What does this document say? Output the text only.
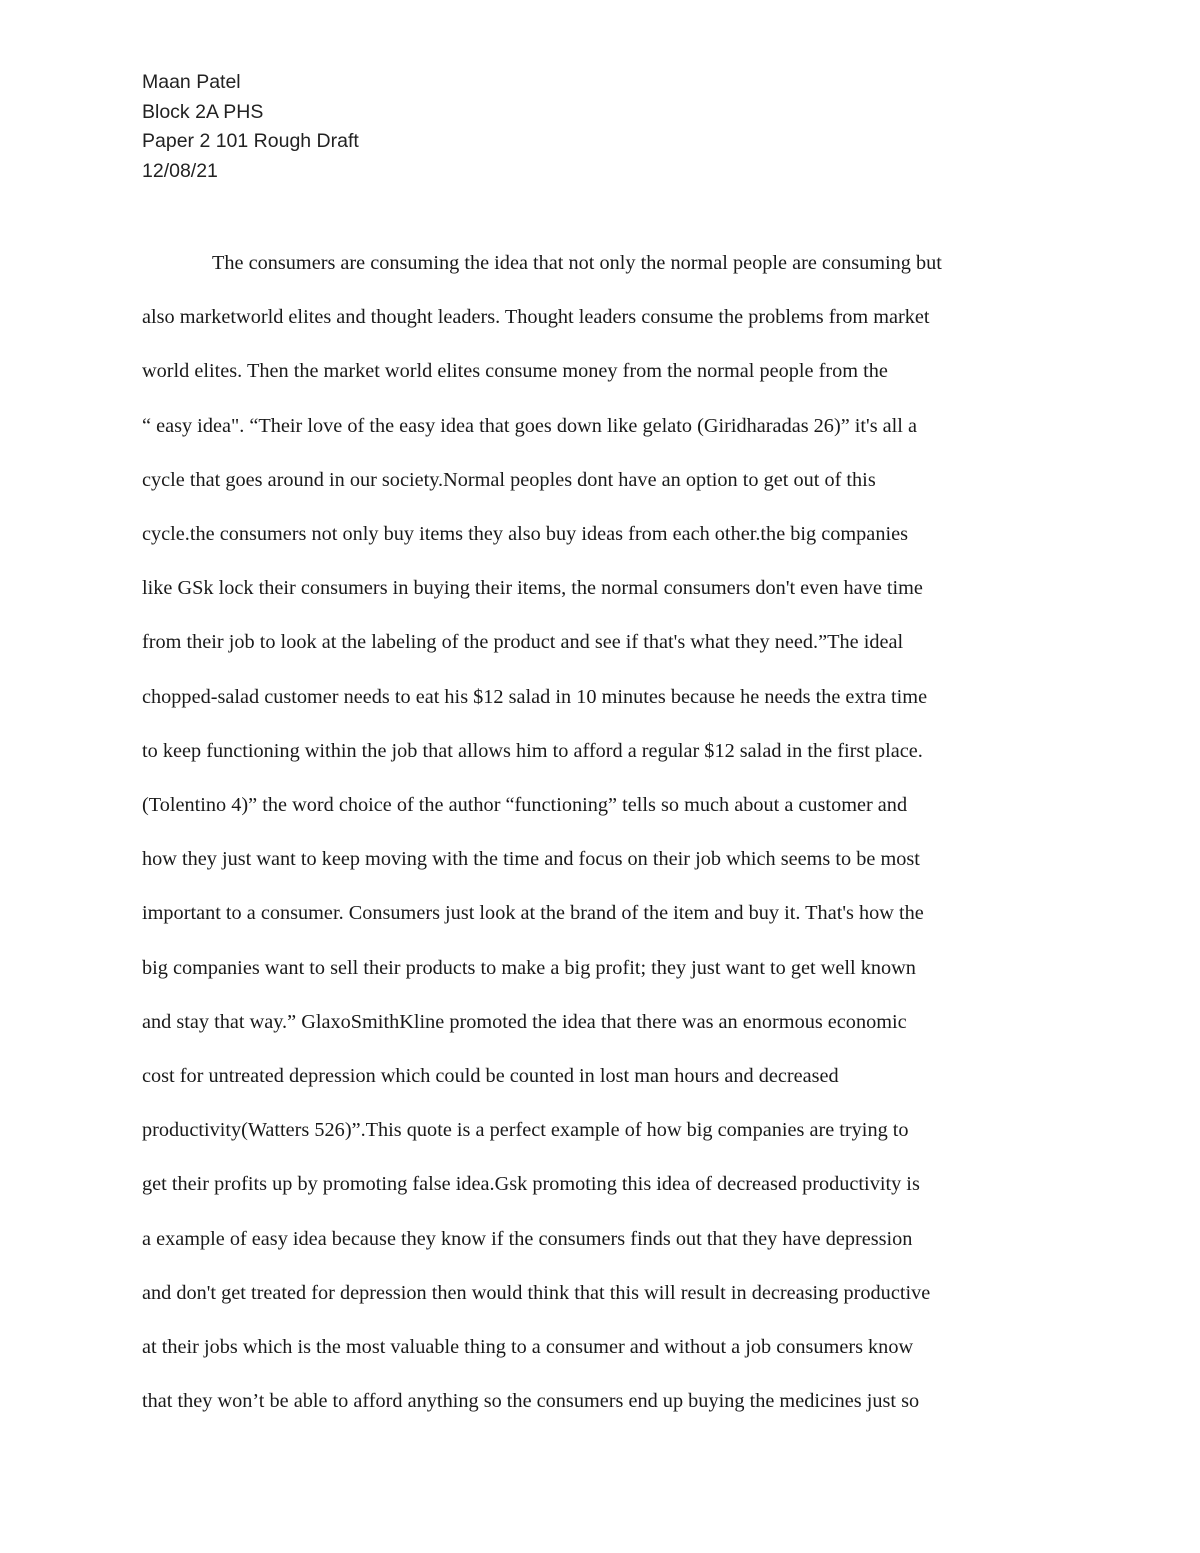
Maan Patel
Block 2A PHS
Paper 2 101 Rough Draft
12/08/21
The consumers are consuming the idea that not only the normal people are consuming but
also marketworld elites and thought leaders. Thought leaders consume the problems from market
world elites. Then the market world elites consume money from the normal people from the
“ easy idea". “Their love of the easy idea that goes down like gelato (Giridharadas 26)” it's all a
cycle that goes around in our society.Normal peoples dont have an option to get out of this
cycle.the consumers not only buy items they also buy ideas from each other.the big companies
like GSk lock their consumers in buying their items, the normal consumers don't even have time
from their job to look at the labeling of the product and see if that's what they need.”The ideal
chopped-salad customer needs to eat his $12 salad in 10 minutes because he needs the extra time
to keep functioning within the job that allows him to afford a regular $12 salad in the first place.
(Tolentino 4)” the word choice of the author “functioning” tells so much about a customer and
how they just want to keep moving with the time and focus on their job which seems to be most
important to a consumer. Consumers just look at the brand of the item and buy it. That's how the
big companies want to sell their products to make a big profit; they just want to get well known
and stay that way.” GlaxoSmithKline promoted the idea that there was an enormous economic
cost for untreated depression which could be counted in lost man hours and decreased
productivity(Watters 526)”.This quote is a perfect example of how big companies are trying to
get their profits up by promoting false idea.Gsk promoting this idea of decreased productivity is
a example of easy idea because they know if the consumers finds out that they have depression
and don't get treated for depression then would think that this will result in decreasing productive
at their jobs which is the most valuable thing to a consumer and without a job consumers know
that they won’t be able to afford anything so the consumers end up buying the medicines just so
